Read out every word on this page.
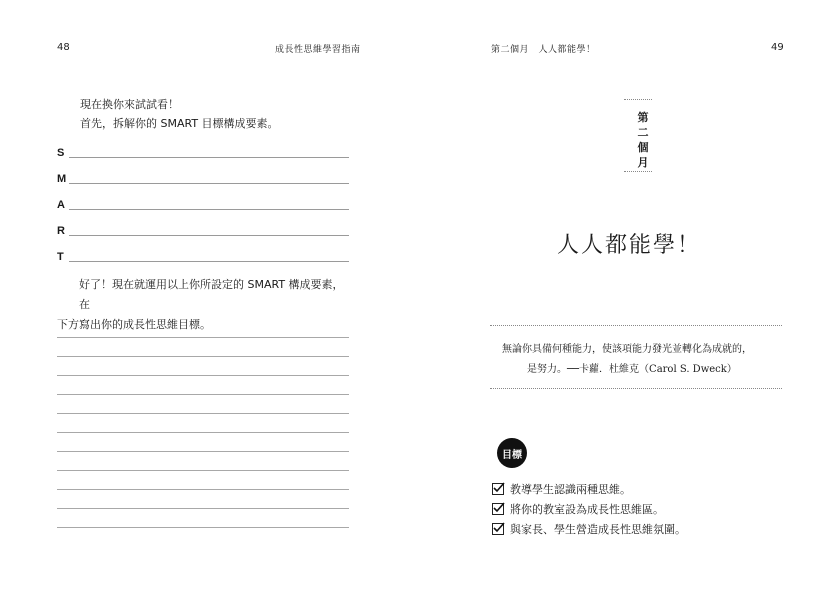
48	成長性思維學習指南
現在換你來試試看！
首先，拆解你的 SMART 目標構成要素。
S
M
A
R
T
好了！現在就運用以上你所設定的 SMART 構成要素，在
下方寫出你的成長性思維目標。
第二個月　人人都能學！	49
第
二
個
月
人人都能學！
無論你具備何種能力，使該項能力發光並轉化為成就的，
是努力。──卡蘿．杜維克（Carol S. Dweck）
目標
教導學生認識兩種思維。
將你的教室設為成長性思維區。
與家長、學生營造成長性思維氛圍。
